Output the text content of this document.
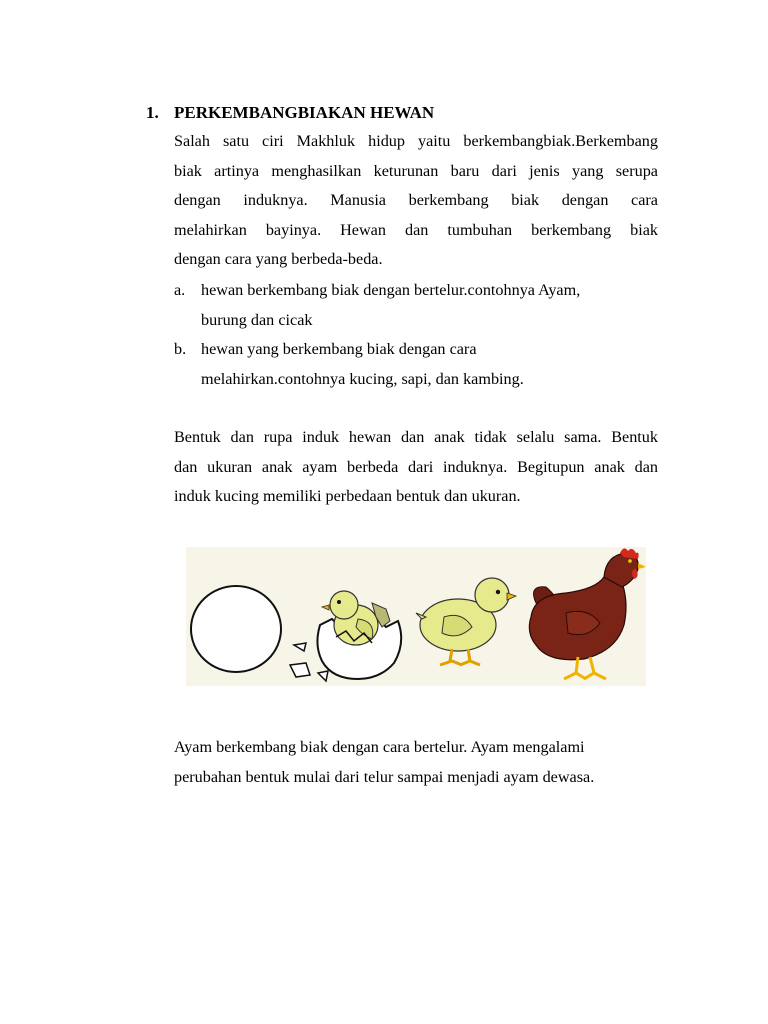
1. PERKEMBANGBIAKAN HEWAN
Salah satu ciri Makhluk hidup yaitu berkembangbiak.Berkembang
biak artinya menghasilkan keturunan baru dari jenis yang serupa
dengan induknya. Manusia berkembang biak dengan cara
melahirkan bayinya. Hewan dan tumbuhan berkembang biak
dengan cara yang berbeda-beda.
a. hewan berkembang biak dengan bertelur.contohnya Ayam,
burung dan cicak
b. hewan yang berkembang biak dengan cara
melahirkan.contohnya kucing, sapi, dan kambing.
Bentuk dan rupa induk hewan dan anak tidak selalu sama. Bentuk
dan ukuran anak ayam berbeda dari induknya. Begitupun anak dan
induk kucing memiliki perbedaan bentuk dan ukuran.
Ayam berkembang biak dengan cara bertelur. Ayam mengalami
perubahan bentuk mulai dari telur sampai menjadi ayam dewasa.
